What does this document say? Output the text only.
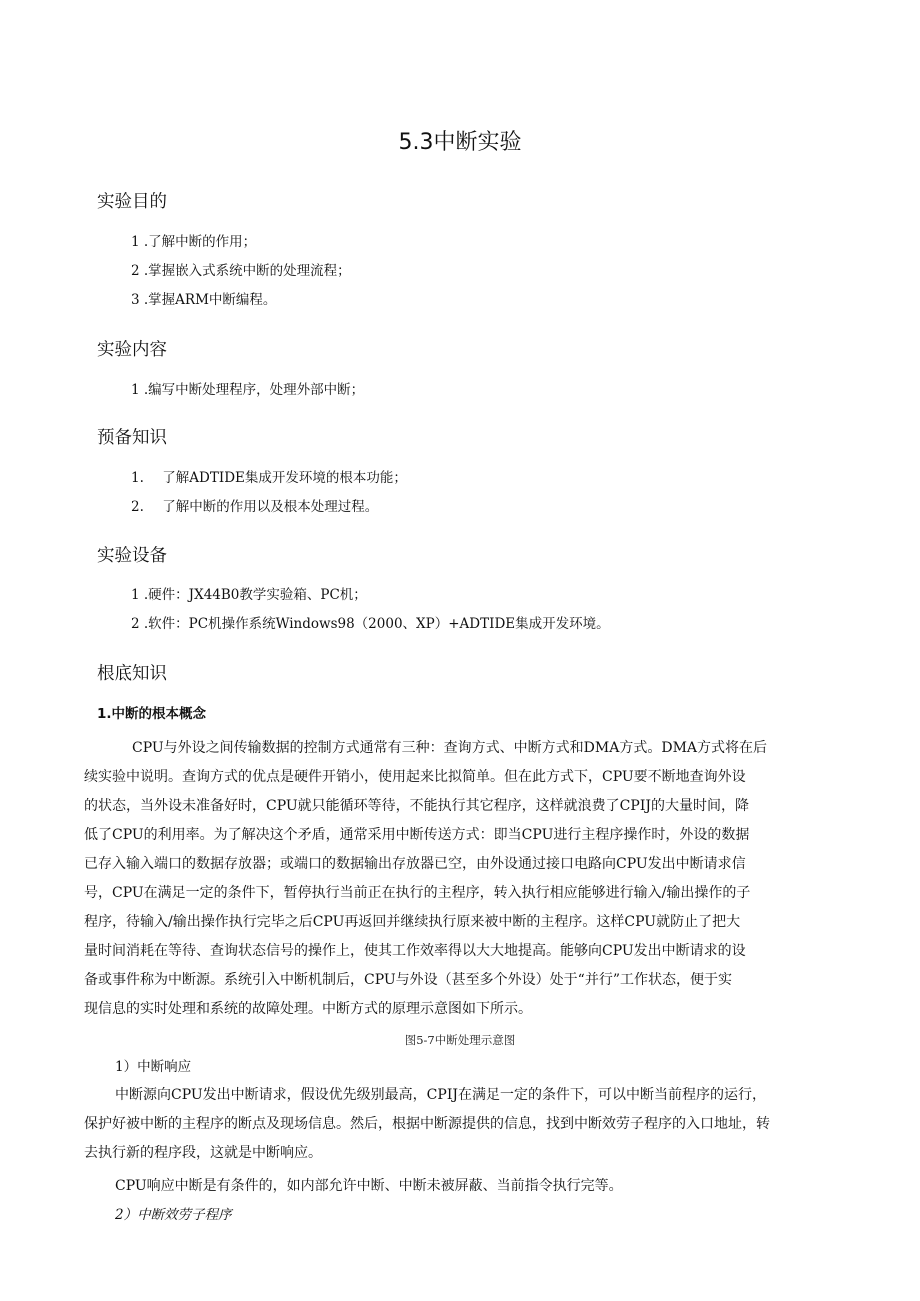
5.3中断实验
实验目的
1 .了解中断的作用；
2 .掌握嵌入式系统中断的处理流程；
3 .掌握ARM中断编程。
实验内容
1 .编写中断处理程序，处理外部中断；
预备知识
1. 了解ADTIDE集成开发环境的根本功能；
2. 了解中断的作用以及根本处理过程。
实验设备
1 .硬件：JX44B0教学实验箱、PC机；
2 .软件：PC机操作系统Windows98（2000、XP）+ADTIDE集成开发环境。
根底知识
1.中断的根本概念
CPU与外设之间传输数据的控制方式通常有三种：查询方式、中断方式和DMA方式。DMA方式将在后
续实验中说明。查询方式的优点是硬件开销小，使用起来比拟简单。但在此方式下，CPU要不断地查询外设
的状态，当外设未准备好时，CPU就只能循环等待，不能执行其它程序，这样就浪费了CPIJ的大量时间，降
低了CPU的利用率。为了解决这个矛盾，通常采用中断传送方式：即当CPU进行主程序操作时，外设的数据
已存入输入端口的数据存放器；或端口的数据输出存放器已空，由外设通过接口电路向CPU发出中断请求信
号，CPU在满足一定的条件下，暂停执行当前正在执行的主程序，转入执行相应能够进行输入/输出操作的子
程序，待输入/输出操作执行完毕之后CPU再返回并继续执行原来被中断的主程序。这样CPU就防止了把大
量时间消耗在等待、查询状态信号的操作上，使其工作效率得以大大地提高。能够向CPU发出中断请求的设
备或事件称为中断源。系统引入中断机制后，CPU与外设（甚至多个外设）处于“并行”工作状态，便于实
现信息的实时处理和系统的故障处理。中断方式的原理示意图如下所示。
图5-7中断处理示意图
1）中断响应
中断源向CPU发出中断请求，假设优先级别最高，CPIJ在满足一定的条件下，可以中断当前程序的运行，
保护好被中断的主程序的断点及现场信息。然后，根据中断源提供的信息，找到中断效劳子程序的入口地址，转
去执行新的程序段，这就是中断响应。
CPU响应中断是有条件的，如内部允许中断、中断未被屏蔽、当前指令执行完等。
2）中断效劳子程序
